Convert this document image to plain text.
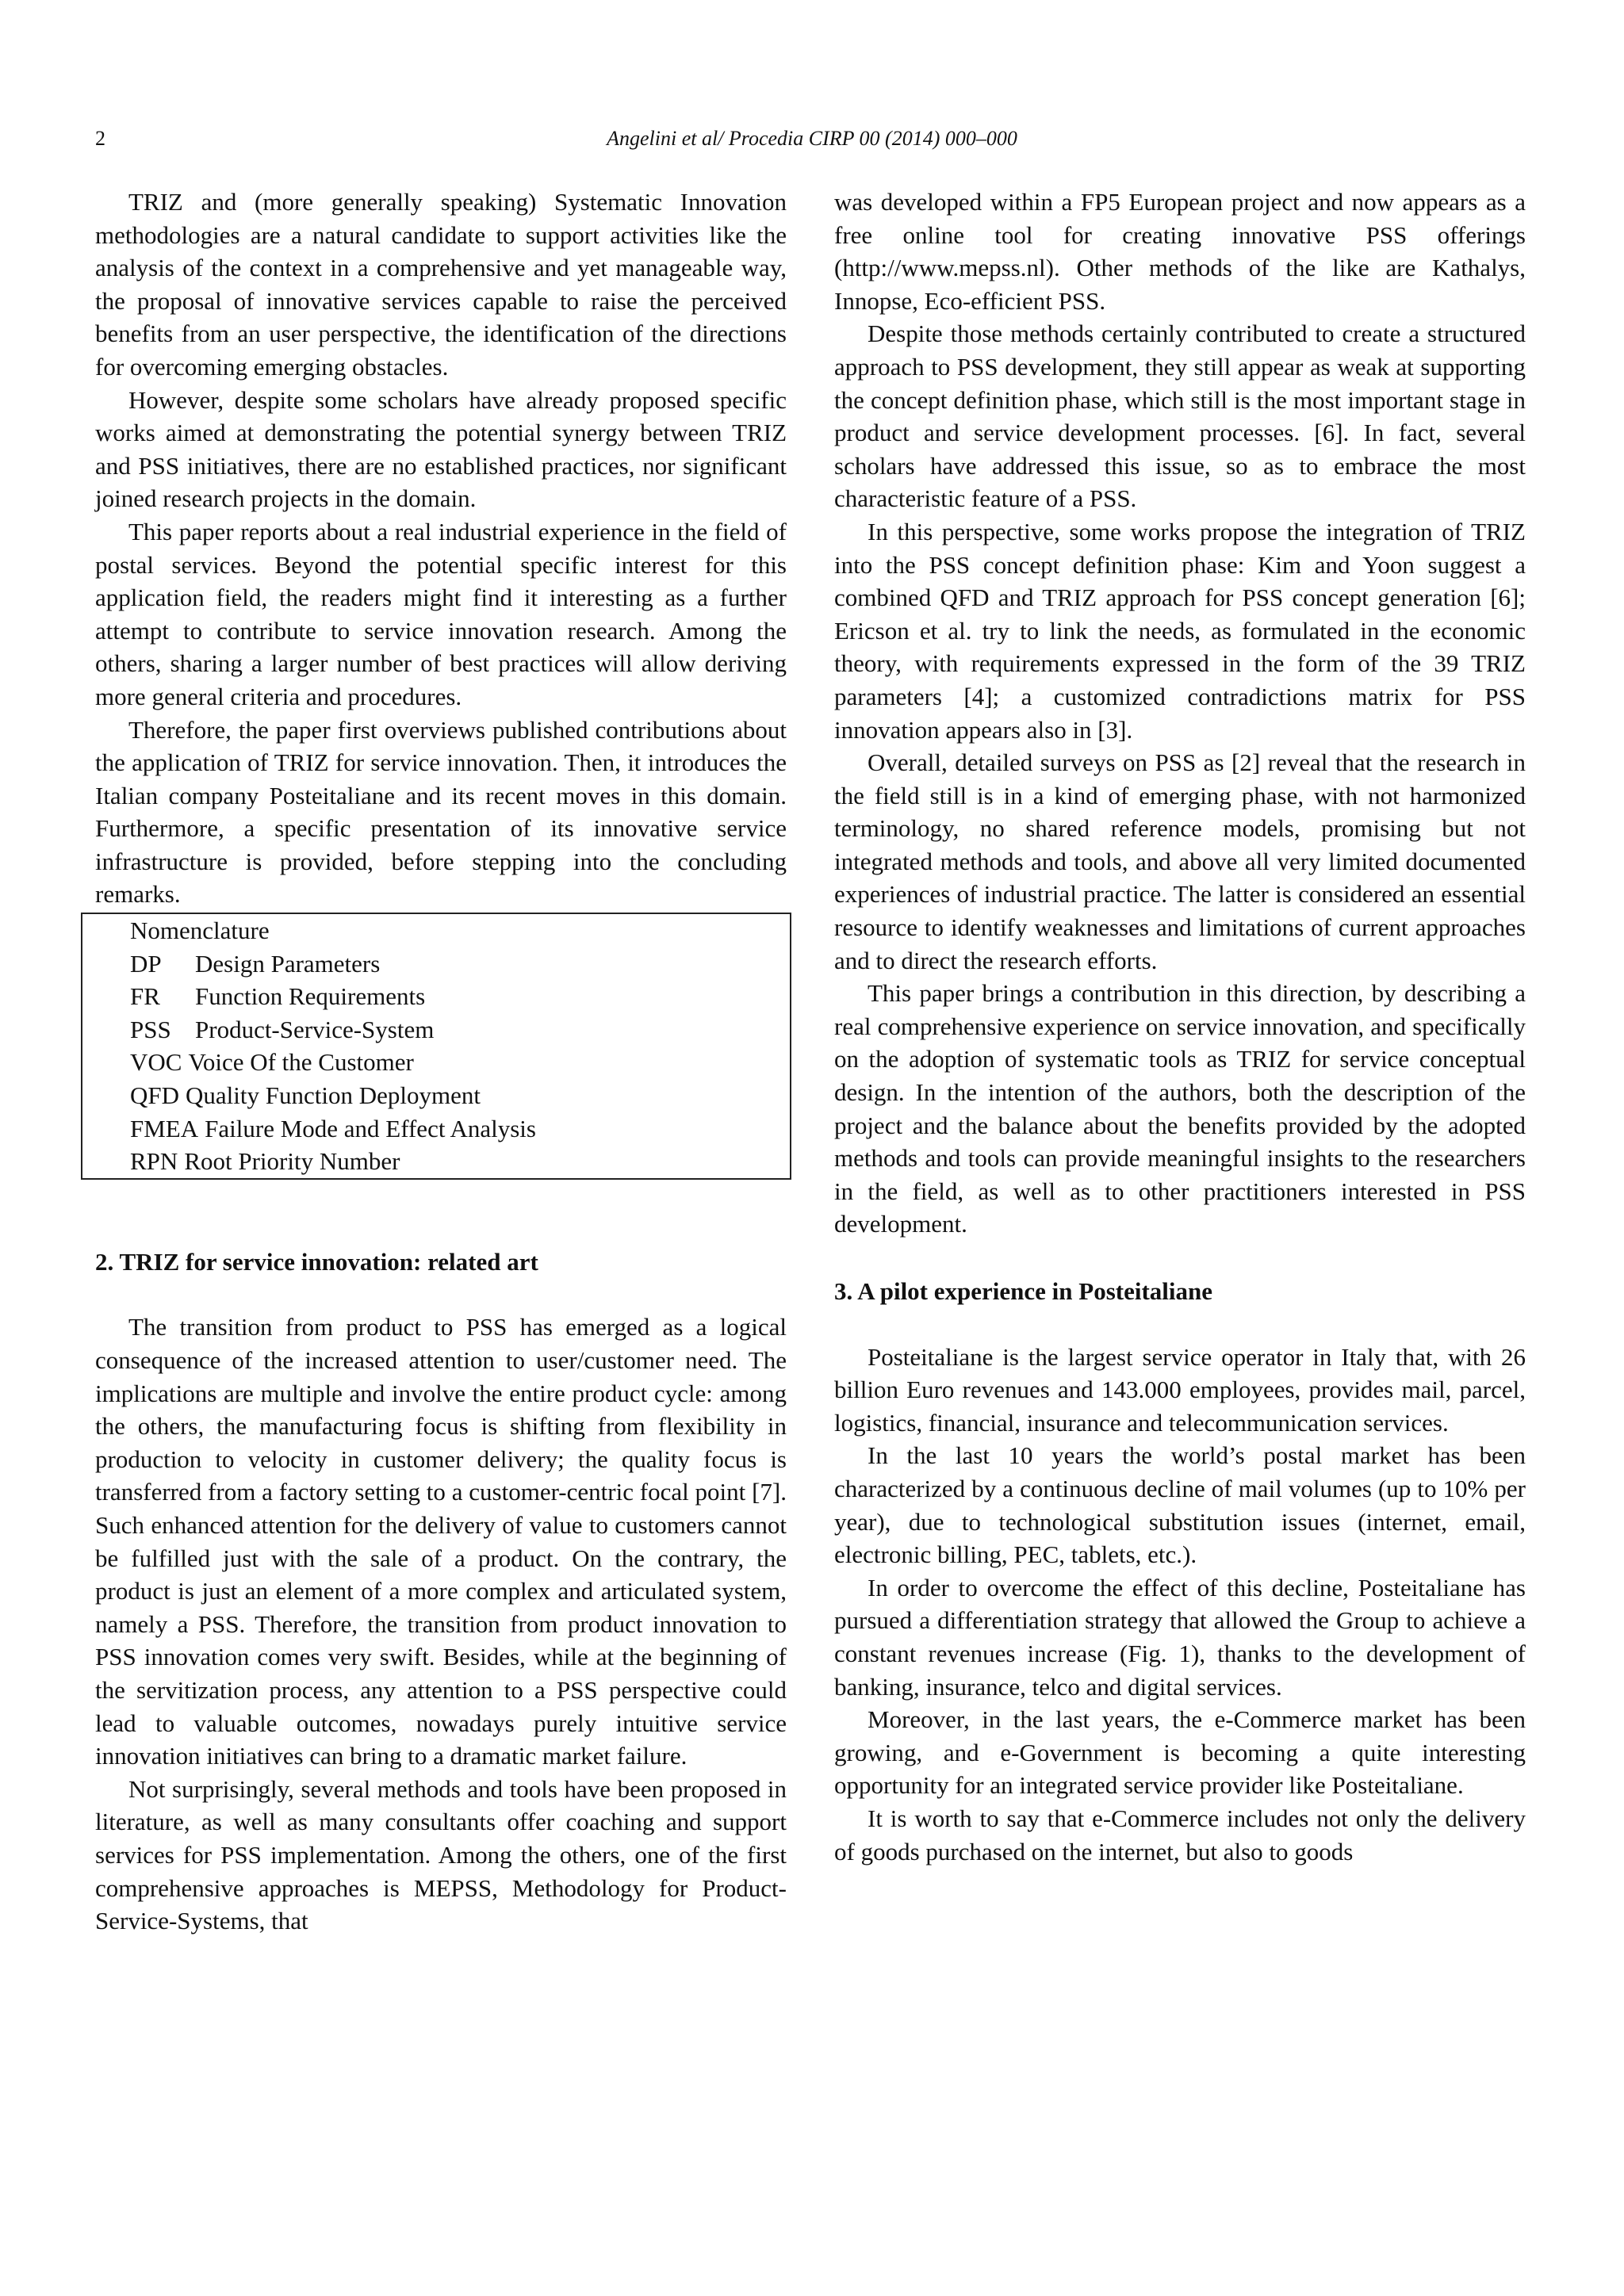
2	Angelini et al/ Procedia CIRP 00 (2014) 000–000

TRIZ and (more generally speaking) Systematic Innovation methodologies are a natural candidate to support activities like the analysis of the context in a comprehensive and yet manageable way, the proposal of innovative services capable to raise the perceived benefits from an user perspective, the identification of the directions for overcoming emerging obstacles.

However, despite some scholars have already proposed specific works aimed at demonstrating the potential synergy between TRIZ and PSS initiatives, there are no established practices, nor significant joined research projects in the domain.

This paper reports about a real industrial experience in the field of postal services. Beyond the potential specific interest for this application field, the readers might find it interesting as a further attempt to contribute to service innovation research. Among the others, sharing a larger number of best practices will allow deriving more general criteria and procedures.

Therefore, the paper first overviews published contributions about the application of TRIZ for service innovation. Then, it introduces the Italian company Posteitaliane and its recent moves in this domain. Furthermore, a specific presentation of its innovative service infrastructure is provided, before stepping into the concluding remarks.

Nomenclature
DP Design Parameters
FR Function Requirements
PSS Product-Service-System
VOC Voice Of the Customer
QFD Quality Function Deployment
FMEA Failure Mode and Effect Analysis
RPN Root Priority Number
2. TRIZ for service innovation: related art

The transition from product to PSS has emerged as a logical consequence of the increased attention to user/customer need. The implications are multiple and involve the entire product cycle: among the others, the manufacturing focus is shifting from flexibility in production to velocity in customer delivery; the quality focus is transferred from a factory setting to a customer-centric focal point [7]. Such enhanced attention for the delivery of value to customers cannot be fulfilled just with the sale of a product. On the contrary, the product is just an element of a more complex and articulated system, namely a PSS. Therefore, the transition from product innovation to PSS innovation comes very swift. Besides, while at the beginning of the servitization process, any attention to a PSS perspective could lead to valuable outcomes, nowadays purely intuitive service innovation initiatives can bring to a dramatic market failure.

Not surprisingly, several methods and tools have been proposed in literature, as well as many consultants offer coaching and support services for PSS implementation. Among the others, one of the first comprehensive approaches is MEPSS, Methodology for Product-Service-Systems, that

was developed within a FP5 European project and now appears as a free online tool for creating innovative PSS offerings (http://www.mepss.nl). Other methods of the like are Kathalys, Innopse, Eco-efficient PSS.

Despite those methods certainly contributed to create a structured approach to PSS development, they still appear as weak at supporting the concept definition phase, which still is the most important stage in product and service development processes. [6]. In fact, several scholars have addressed this issue, so as to embrace the most characteristic feature of a PSS.

In this perspective, some works propose the integration of TRIZ into the PSS concept definition phase: Kim and Yoon suggest a combined QFD and TRIZ approach for PSS concept generation [6]; Ericson et al. try to link the needs, as formulated in the economic theory, with requirements expressed in the form of the 39 TRIZ parameters [4]; a customized contradictions matrix for PSS innovation appears also in [3].

Overall, detailed surveys on PSS as [2] reveal that the research in the field still is in a kind of emerging phase, with not harmonized terminology, no shared reference models, promising but not integrated methods and tools, and above all very limited documented experiences of industrial practice. The latter is considered an essential resource to identify weaknesses and limitations of current approaches and to direct the research efforts.

This paper brings a contribution in this direction, by describing a real comprehensive experience on service innovation, and specifically on the adoption of systematic tools as TRIZ for service conceptual design. In the intention of the authors, both the description of the project and the balance about the benefits provided by the adopted methods and tools can provide meaningful insights to the researchers in the field, as well as to other practitioners interested in PSS development.

3. A pilot experience in Posteitaliane

Posteitaliane is the largest service operator in Italy that, with 26 billion Euro revenues and 143.000 employees, provides mail, parcel, logistics, financial, insurance and telecommunication services.

In the last 10 years the world’s postal market has been characterized by a continuous decline of mail volumes (up to 10% per year), due to technological substitution issues (internet, email, electronic billing, PEC, tablets, etc.).

In order to overcome the effect of this decline, Posteitaliane has pursued a differentiation strategy that allowed the Group to achieve a constant revenues increase (Fig. 1), thanks to the development of banking, insurance, telco and digital services.

Moreover, in the last years, the e-Commerce market has been growing, and e-Government is becoming a quite interesting opportunity for an integrated service provider like Posteitaliane.

It is worth to say that e-Commerce includes not only the delivery of goods purchased on the internet, but also to goods
